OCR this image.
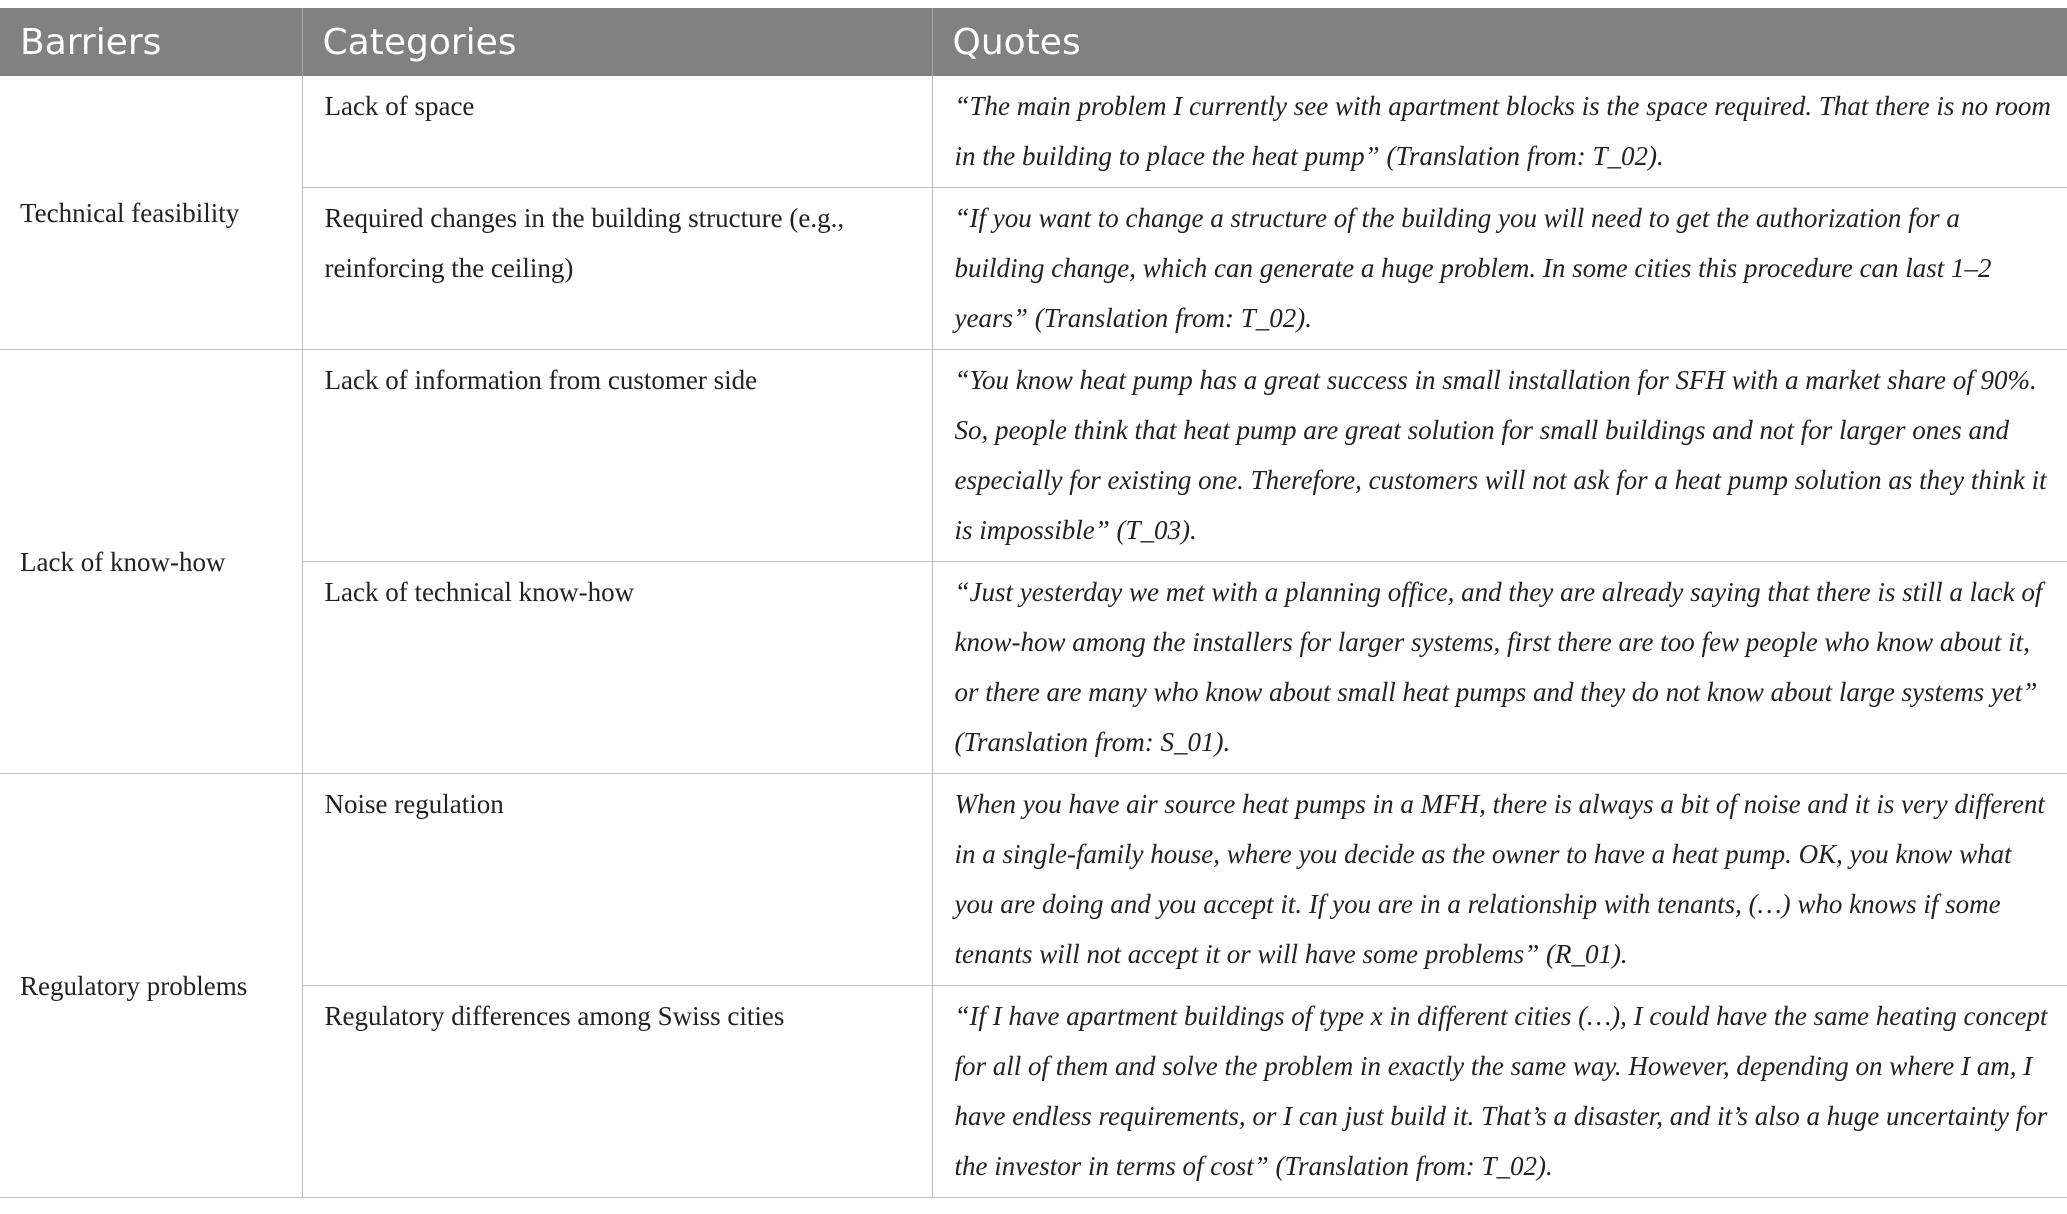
Barriers	Categories	Quotes
Technical feasibility	Lack of space	“The main problem I currently see with apartment blocks is the space required. That there is no room in the building to place the heat pump” (Translation from: T_02).
	Required changes in the building structure (e.g., reinforcing the ceiling)	“If you want to change a structure of the building you will need to get the authorization for a building change, which can generate a huge problem. In some cities this procedure can last 1–2 years” (Translation from: T_02).
Lack of know-how	Lack of information from customer side	“You know heat pump has a great success in small installation for SFH with a market share of 90%. So, people think that heat pump are great solution for small buildings and not for larger ones and especially for existing one. Therefore, customers will not ask for a heat pump solution as they think it is impossible” (T_03).
	Lack of technical know-how	“Just yesterday we met with a planning office, and they are already saying that there is still a lack of know-how among the installers for larger systems, first there are too few people who know about it, or there are many who know about small heat pumps and they do not know about large systems yet” (Translation from: S_01).
Regulatory problems	Noise regulation	When you have air source heat pumps in a MFH, there is always a bit of noise and it is very different in a single-family house, where you decide as the owner to have a heat pump. OK, you know what you are doing and you accept it. If you are in a relationship with tenants, (…) who knows if some tenants will not accept it or will have some problems” (R_01).
	Regulatory differences among Swiss cities	“If I have apartment buildings of type x in different cities (…), I could have the same heating concept for all of them and solve the problem in exactly the same way. However, depending on where I am, I have endless requirements, or I can just build it. That’s a disaster, and it’s also a huge uncertainty for the investor in terms of cost” (Translation from: T_02).
